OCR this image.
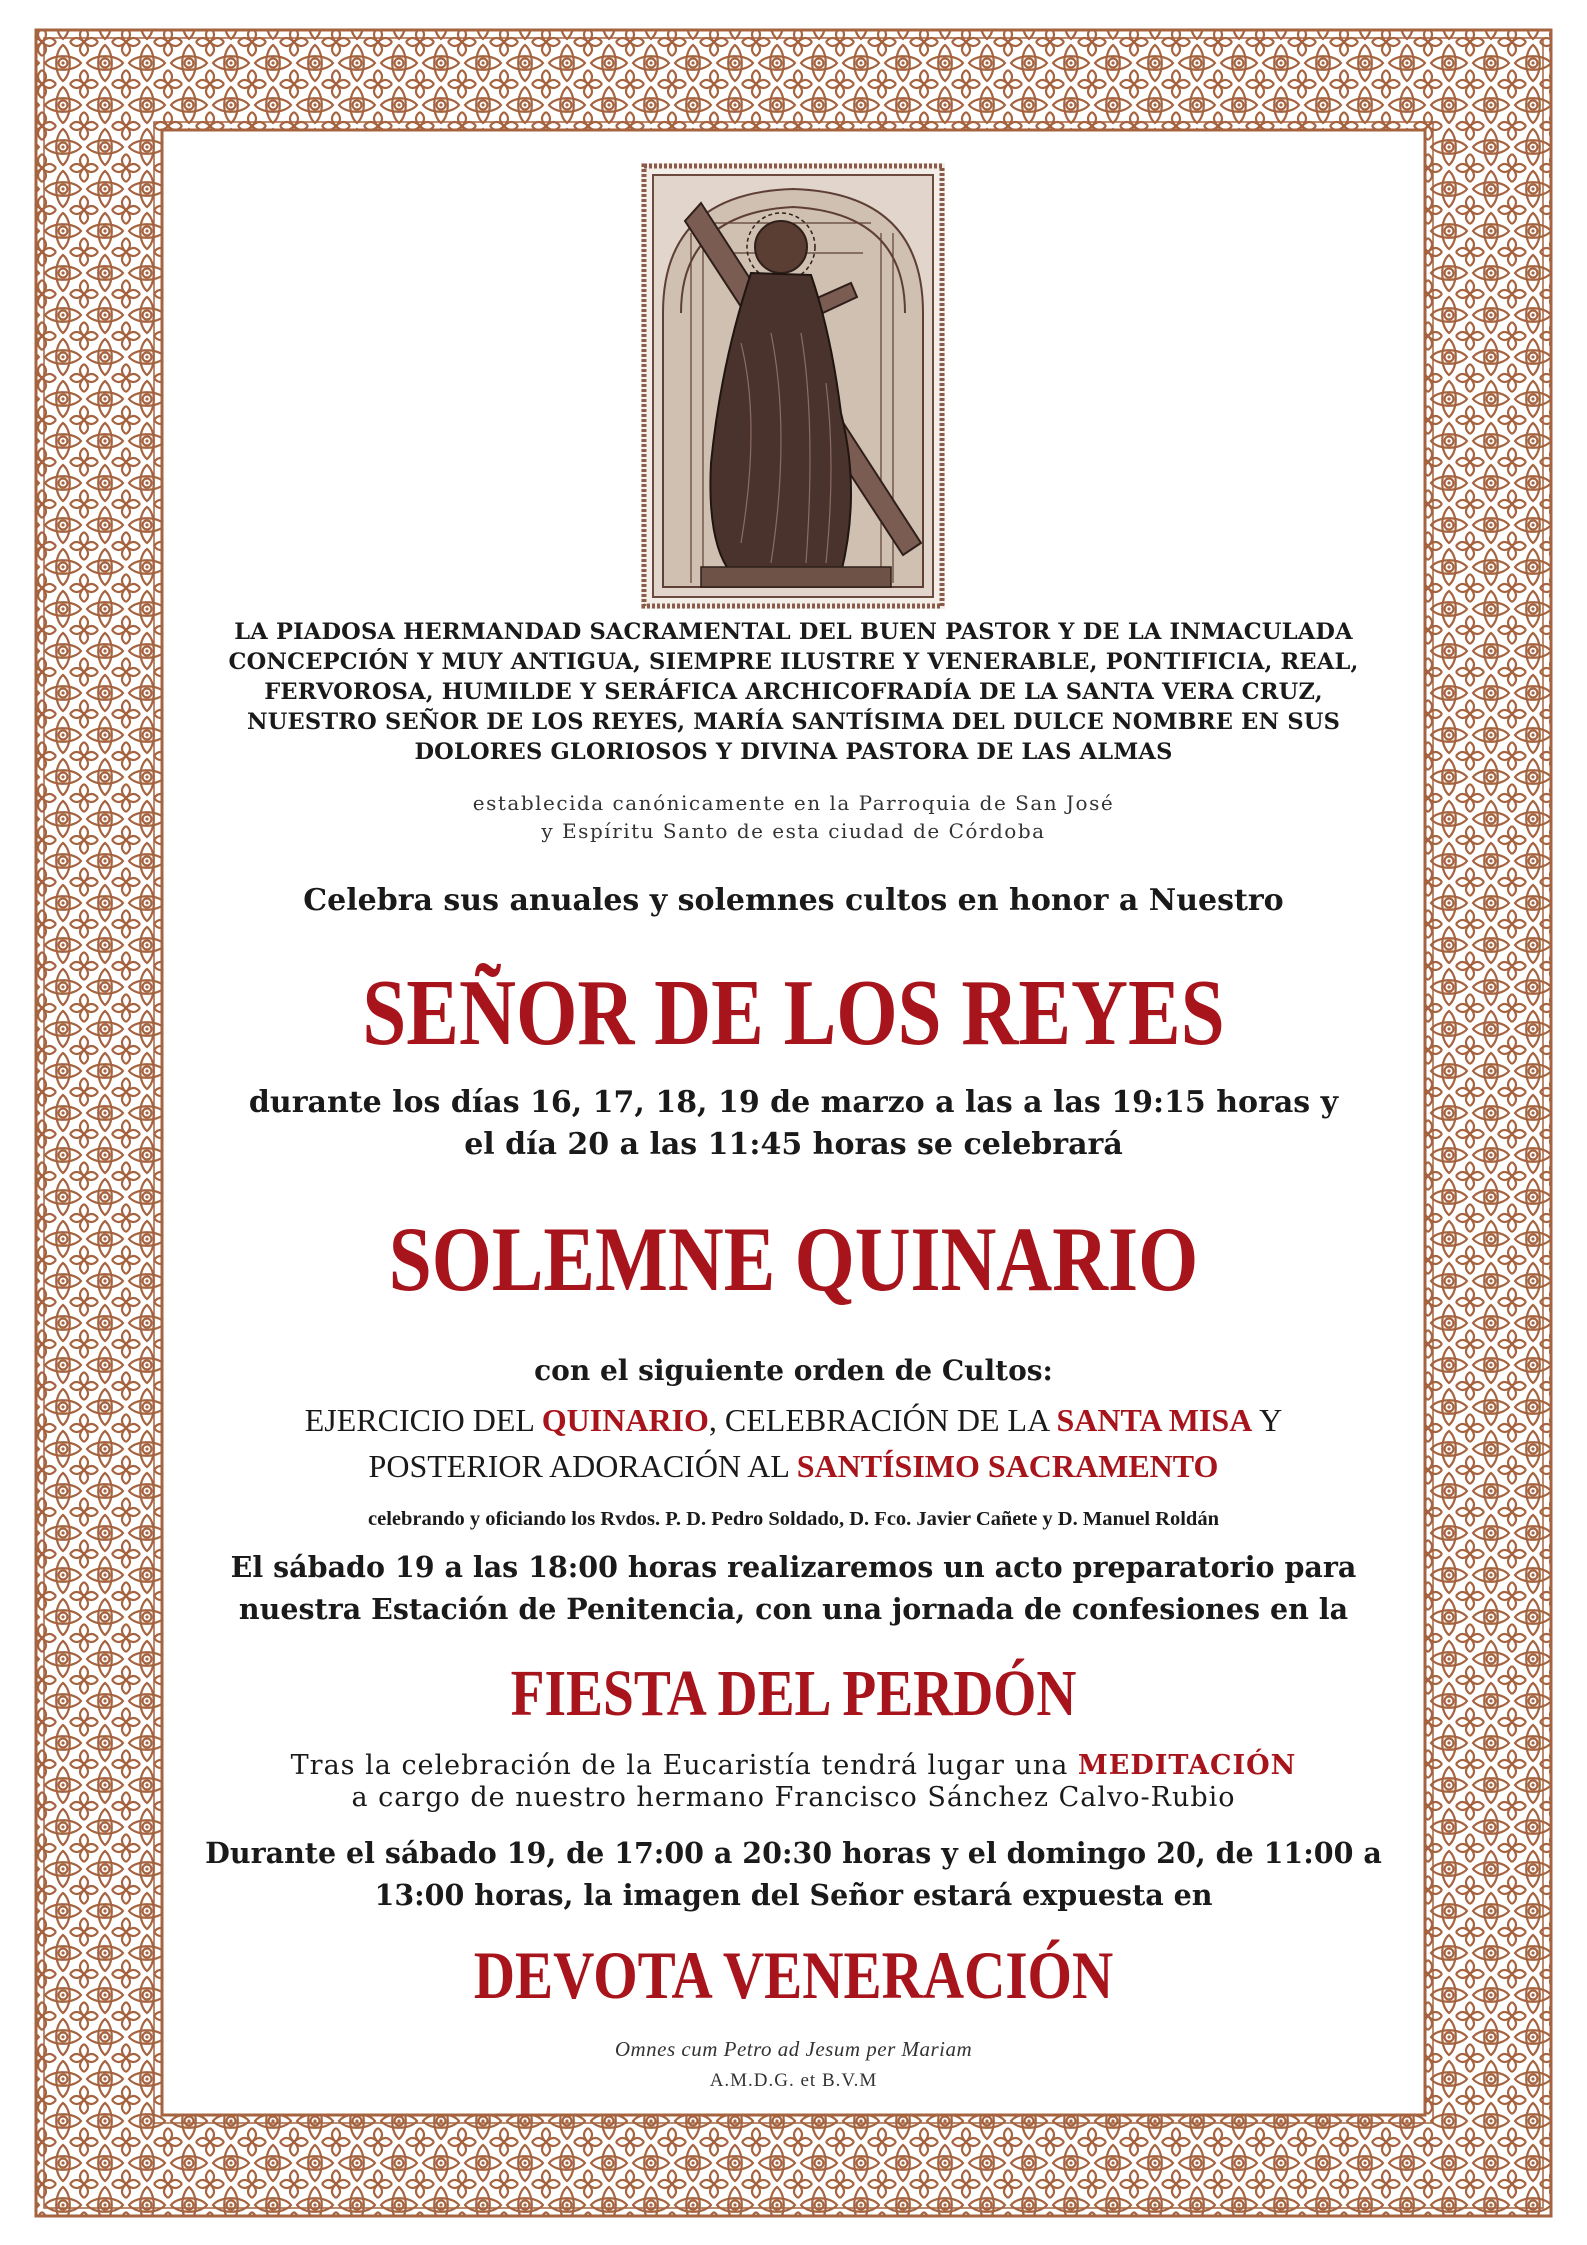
LA PIADOSA HERMANDAD SACRAMENTAL DEL BUEN PASTOR Y DE LA INMACULADA
CONCEPCIÓN Y MUY ANTIGUA, SIEMPRE ILUSTRE Y VENERABLE, PONTIFICIA, REAL,
FERVOROSA, HUMILDE Y SERÁFICA ARCHICOFRADÍA DE LA SANTA VERA CRUZ,
NUESTRO SEÑOR DE LOS REYES, MARÍA SANTÍSIMA DEL DULCE NOMBRE EN SUS
DOLORES GLORIOSOS Y DIVINA PASTORA DE LAS ALMAS
establecida canónicamente en la Parroquia de San José
y Espíritu Santo de esta ciudad de Córdoba
Celebra sus anuales y solemnes cultos en honor a Nuestro
SEÑOR DE LOS REYES
durante los días 16, 17, 18, 19 de marzo a las a las 19:15 horas y
el día 20 a las 11:45 horas se celebrará
SOLEMNE QUINARIO
con el siguiente orden de Cultos:
EJERCICIO DEL QUINARIO, CELEBRACIÓN DE LA SANTA MISA Y
POSTERIOR ADORACIÓN AL SANTÍSIMO SACRAMENTO
celebrando y oficiando los Rvdos. P. D. Pedro Soldado, D. Fco. Javier Cañete y D. Manuel Roldán
El sábado 19 a las 18:00 horas realizaremos un acto preparatorio para
nuestra Estación de Penitencia, con una jornada de confesiones en la
FIESTA DEL PERDÓN
Tras la celebración de la Eucaristía tendrá lugar una MEDITACIÓN
a cargo de nuestro hermano Francisco Sánchez Calvo-Rubio
Durante el sábado 19, de 17:00 a 20:30 horas y el domingo 20, de 11:00 a
13:00 horas, la imagen del Señor estará expuesta en
DEVOTA VENERACIÓN
Omnes cum Petro ad Jesum per Mariam
A.M.D.G. et B.V.M
